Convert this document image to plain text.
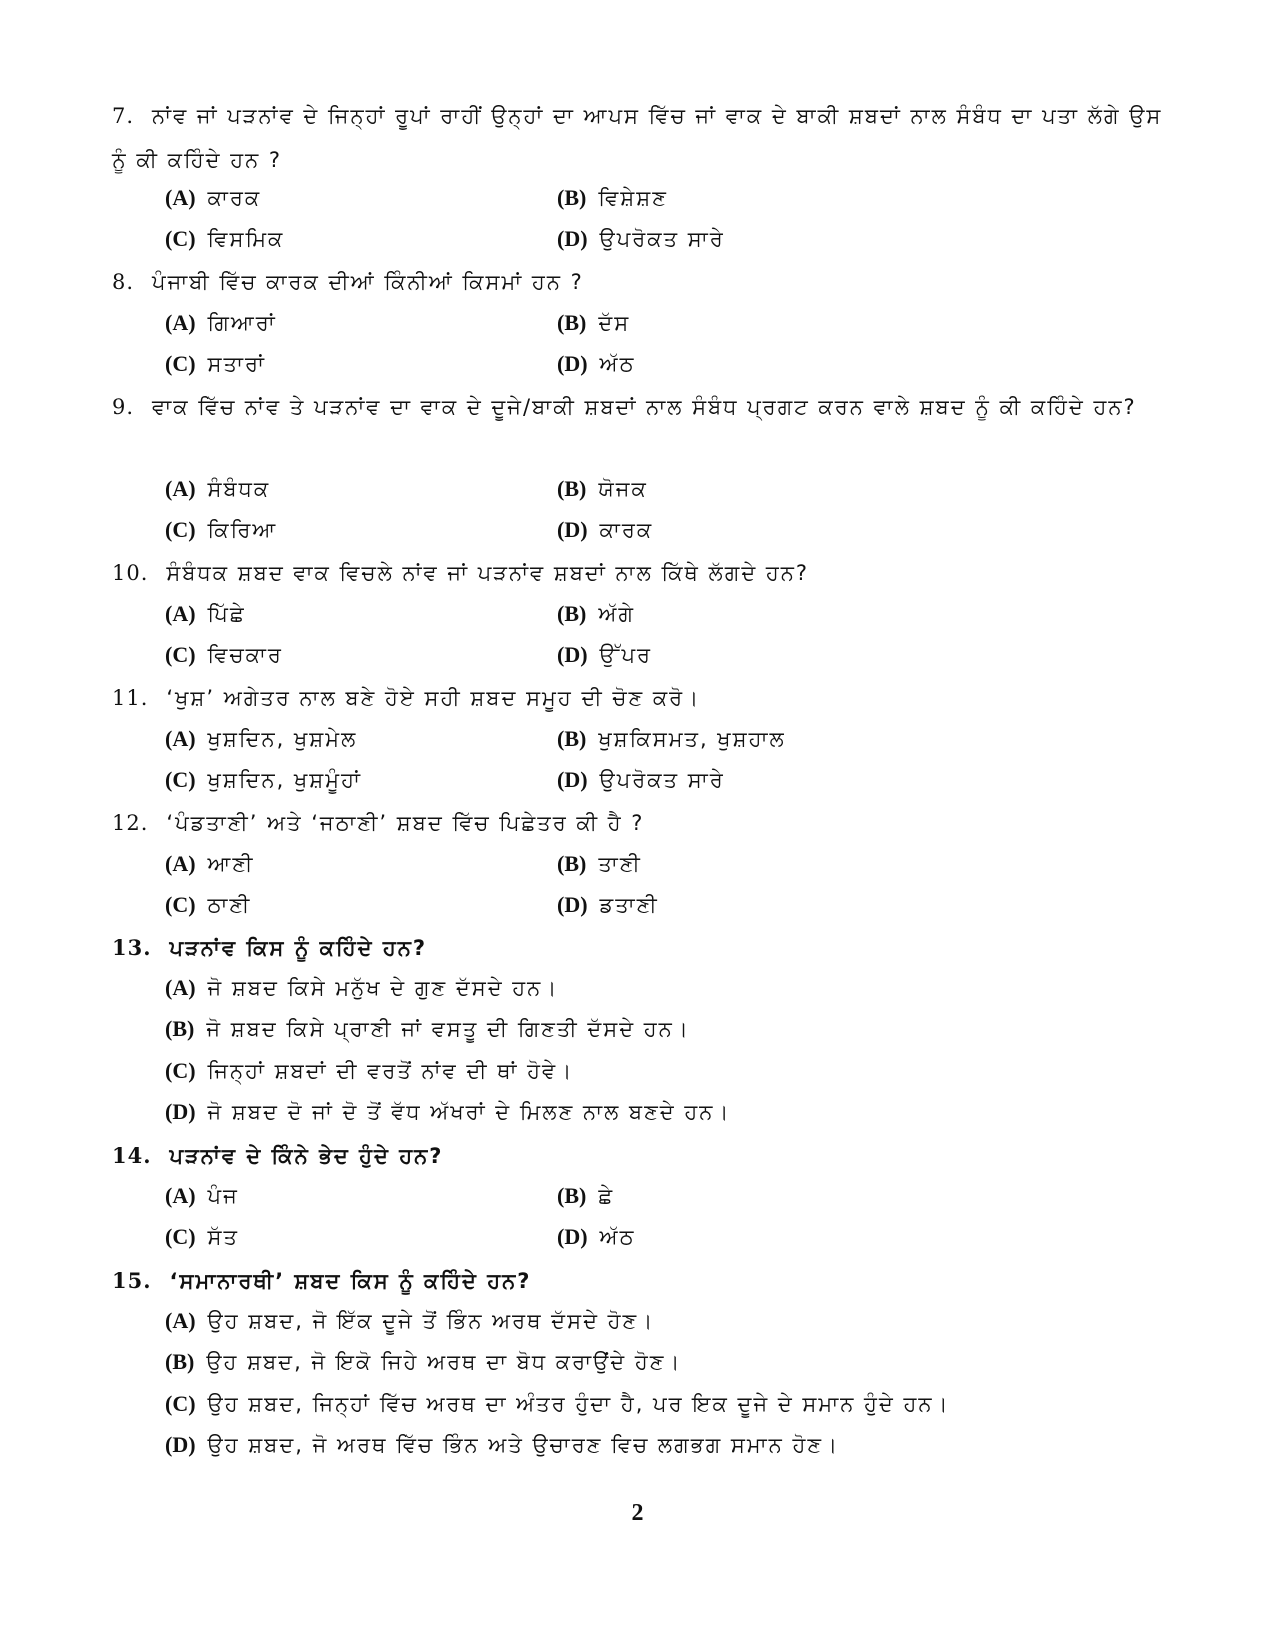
7. ਨਾਂਵ ਜਾਂ ਪੜਨਾਂਵ ਦੇ ਜਿਨ੍ਹਾਂ ਰੂਪਾਂ ਰਾਹੀਂ ਉਨ੍ਹਾਂ ਦਾ ਆਪਸ ਵਿੱਚ ਜਾਂ ਵਾਕ ਦੇ ਬਾਕੀ ਸ਼ਬਦਾਂ ਨਾਲ ਸੰਬੰਧ ਦਾ ਪਤਾ ਲੱਗੇ ਉਸ ਨੂੰ ਕੀ ਕਹਿੰਦੇ ਹਨ ?
(A) ਕਾਰਕ	(B) ਵਿਸ਼ੇਸ਼ਣ
(C) ਵਿਸਮਿਕ	(D) ਉਪਰੋਕਤ ਸਾਰੇ
8. ਪੰਜਾਬੀ ਵਿੱਚ ਕਾਰਕ ਦੀਆਂ ਕਿੰਨੀਆਂ ਕਿਸਮਾਂ ਹਨ ?
(A) ਗਿਆਰਾਂ	(B) ਦੱਸ
(C) ਸਤਾਰਾਂ	(D) ਅੱਠ
9. ਵਾਕ ਵਿੱਚ ਨਾਂਵ ਤੇ ਪੜਨਾਂਵ ਦਾ ਵਾਕ ਦੇ ਦੂਜੇ/ਬਾਕੀ ਸ਼ਬਦਾਂ ਨਾਲ ਸੰਬੰਧ ਪ੍ਰਗਟ ਕਰਨ ਵਾਲੇ ਸ਼ਬਦ ਨੂੰ ਕੀ ਕਹਿੰਦੇ ਹਨ?
(A) ਸੰਬੰਧਕ	(B) ਯੋਜਕ
(C) ਕਿਰਿਆ	(D) ਕਾਰਕ
10. ਸੰਬੰਧਕ ਸ਼ਬਦ ਵਾਕ ਵਿਚਲੇ ਨਾਂਵ ਜਾਂ ਪੜਨਾਂਵ ਸ਼ਬਦਾਂ ਨਾਲ ਕਿੱਥੇ ਲੱਗਦੇ ਹਨ?
(A) ਪਿੱਛੇ	(B) ਅੱਗੇ
(C) ਵਿਚਕਾਰ	(D) ਉੱਪਰ
11. ‘ਖੁਸ਼’ ਅਗੇਤਰ ਨਾਲ ਬਣੇ ਹੋਏ ਸਹੀ ਸ਼ਬਦ ਸਮੂਹ ਦੀ ਚੋਣ ਕਰੋ।
(A) ਖੁਸ਼ਦਿਨ, ਖੁਸ਼ਮੇਲ	(B) ਖੁਸ਼ਕਿਸਮਤ, ਖੁਸ਼ਹਾਲ
(C) ਖੁਸ਼ਦਿਨ, ਖੁਸ਼ਮੂੰਹਾਂ	(D) ਉਪਰੋਕਤ ਸਾਰੇ
12. ‘ਪੰਡਤਾਣੀ’ ਅਤੇ ‘ਜਠਾਣੀ’ ਸ਼ਬਦ ਵਿੱਚ ਪਿਛੇਤਰ ਕੀ ਹੈ ?
(A) ਆਣੀ	(B) ਤਾਣੀ
(C) ਠਾਣੀ	(D) ਡਤਾਣੀ
13. ਪੜਨਾਂਵ ਕਿਸ ਨੂੰ ਕਹਿੰਦੇ ਹਨ?
(A) ਜੋ ਸ਼ਬਦ ਕਿਸੇ ਮਨੁੱਖ ਦੇ ਗੁਣ ਦੱਸਦੇ ਹਨ।
(B) ਜੋ ਸ਼ਬਦ ਕਿਸੇ ਪ੍ਰਾਣੀ ਜਾਂ ਵਸਤੂ ਦੀ ਗਿਣਤੀ ਦੱਸਦੇ ਹਨ।
(C) ਜਿਨ੍ਹਾਂ ਸ਼ਬਦਾਂ ਦੀ ਵਰਤੋਂ ਨਾਂਵ ਦੀ ਥਾਂ ਹੋਵੇ।
(D) ਜੋ ਸ਼ਬਦ ਦੋ ਜਾਂ ਦੋ ਤੋਂ ਵੱਧ ਅੱਖਰਾਂ ਦੇ ਮਿਲਣ ਨਾਲ ਬਣਦੇ ਹਨ।
14. ਪੜਨਾਂਵ ਦੇ ਕਿੰਨੇ ਭੇਦ ਹੁੰਦੇ ਹਨ?
(A) ਪੰਜ	(B) ਛੇ
(C) ਸੱਤ	(D) ਅੱਠ
15. ‘ਸਮਾਨਾਰਥੀ’ ਸ਼ਬਦ ਕਿਸ ਨੂੰ ਕਹਿੰਦੇ ਹਨ?
(A) ਉਹ ਸ਼ਬਦ, ਜੋ ਇੱਕ ਦੂਜੇ ਤੋਂ ਭਿੰਨ ਅਰਥ ਦੱਸਦੇ ਹੋਣ।
(B) ਉਹ ਸ਼ਬਦ, ਜੋ ਇਕੋ ਜਿਹੇ ਅਰਥ ਦਾ ਬੋਧ ਕਰਾਉਂਦੇ ਹੋਣ।
(C) ਉਹ ਸ਼ਬਦ, ਜਿਨ੍ਹਾਂ ਵਿੱਚ ਅਰਥ ਦਾ ਅੰਤਰ ਹੁੰਦਾ ਹੈ, ਪਰ ਇਕ ਦੂਜੇ ਦੇ ਸਮਾਨ ਹੁੰਦੇ ਹਨ।
(D) ਉਹ ਸ਼ਬਦ, ਜੋ ਅਰਥ ਵਿੱਚ ਭਿੰਨ ਅਤੇ ਉਚਾਰਣ ਵਿਚ ਲਗਭਗ ਸਮਾਨ ਹੋਣ।
2
